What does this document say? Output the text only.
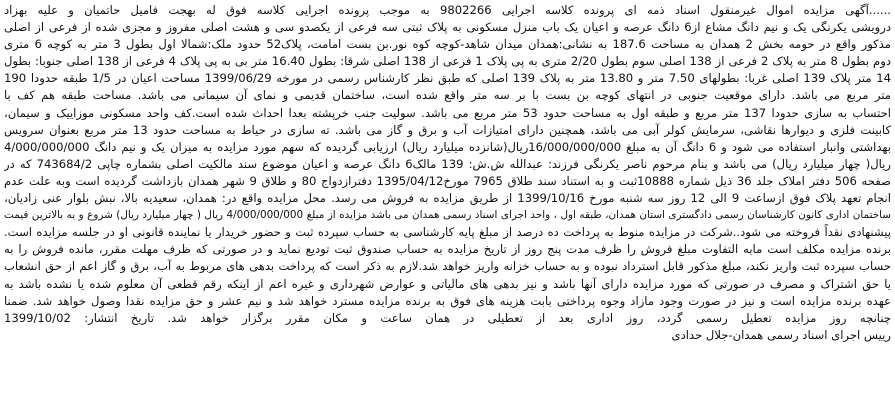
......آگهی مزایده اموال غیرمنقول اسناد ذمه ای پرونده کلاسه اجرایی 9802266 به موجب پرونده اجرایی کلاسه فوق له بهجت فامیل حاتمیان و علیه بهزاد
درویشی یکرنگی یک و نیم دانگ مشاع از6 دانگ عرصه و اعیان یک باب منزل مسکونی به پلاک ثبتی سه فرعی از یکصدو سی و هشت اصلی مفروز و مجزی شده از فرعی از اصلی
مذکور واقع در حومه بخش 2 همدان به مساحت 187.6 به نشانی:همدان میدان شاهد-کوچه کوه نور.بن بست امامت، پلاک52 حدود ملک:شمالا اول بطول 3 متر به کوچه 6 متری
دوم بطول 8 متر به پلاک 2 فرعی از 138 اصلی سوم بطول 2/20 متری به پی پلاک 1 فرعی از 138 اصلی شرقا: بطول 16.40 متر بی به پی پلاک 4 فرعی از 138 اصلی جنوبا: بطول
14 متر پلاک 139 اصلی غربا: بطولهای 7.50 متر و 13.80 متر به پلاک 139 اصلی که طبق نظر کارشناس رسمی در مورخه 1399/06/29 مساحت اعیان در 1/5 طبقه حدودا 190
متر مربع می باشد. دارای موقعیت جنوبی در انتهای کوچه بن بست با بر سه متر واقع شده است، ساختمان قدیمی و نمای آن سیمانی می باشد. مساحت طبقه هم کف با
احتساب به سازی حدودا 137 متر مربع و طبقه اول به مساحت حدود 53 متر مربع می باشد. سولیت جنب خرپشته بعدا احداث شده است.کف واحد مسکونی موزاییک و سیمان،
کابینت فلزی و دیوارها نقاشی، سرمایش کولر آبی می باشد، همچنین دارای امتیازات آب و برق و گاز می باشد. ته سازی در حیاط به مساحت حدود 13 متر مربع بعنوان سرویس
بهداشتی وانبار استفاده می شود و 6 دانگ آن به مبلغ 16/000/000/000ریال(شانزده میلیارد ریال) ارزیابی گردیده که سهم مورد مزایده به میزان یک و نیم دانگ 4/000/000/000
ریال( چهار میلیارد ریال) می باشد و بنام مرحوم ناصر یکرنگی فرزند: عبدالله ش.ش: 139 مالک6 دانگ عرصه و اعیان موضوع سند مالکیت اصلی بشماره چاپی 743684/2 که در
صفحه 506 دفتر املاک جلد 36 ذیل شماره 10888ثبت و به استناد سند طلاق 7965 مورخ1395/04/12 دفترازدواج 80 و طلاق 9 شهر همدان بازداشت گردیده است وبه علت عدم
انجام تعهد پلاک فوق ازساعت 9 الی 12 روز سه شنبه مورخ 1399/10/16 از طریق مزایده به فروش می رسد. محل مزایده واقع در: همدان، سعیدیه بالا، نبش بلوار عنی زادیان،
ساختمان اداری کانون کارشناسان رسمی دادگستری استان همدان، طبقه اول ، واحد اجرای اسناد رسمی همدان می باشد مزایده از مبلغ 4/000/000/000 ریال ( چهار میلیارد ریال) شروع و به بالاترین قیمت
پیشنهادی نقداً فروخته می شود..شرکت در مزایده منوط به پرداخت ده درصد از مبلغ پایه کارشناسی به حساب سپرده ثبت و حضور خریدار یا نماینده قانونی او در جلسه مزایده است.
برنده مزایده مکلف است مابه التفاوت مبلغ فروش را ظرف مدت پنج روز از تاریخ مزایده به حساب صندوق ثبت تودیع نماید و در صورتی که ظرف مهلت مقرر، مانده فروش را به
حساب سپرده ثبت واریز نکند، مبلغ مذکور قابل استرداد نبوده و به حساب خزانه واریز خواهد شد.لازم به ذکر است که پرداخت بدهی های مربوط به آب، برق و گاز اعم از حق انشعاب
یا حق اشتراک و مصرف در صورتی که مورد مزایده دارای آنها باشد و نیز بدهی های مالیاتی و عوارض شهرداری و غیره اعم از اینکه رقم قطعی آن معلوم شده یا نشده باشد به
عهده برنده مزایده است و نیز در صورت وجود مازاد وجوه پرداختی بابت هزینه های فوق به برنده مزایده مسترد خواهد شد و نیم عشر و حق مزایده نقدا وصول خواهد شد. ضمنا
چنانچه روز مزایده تعطیل رسمی گردد، روز اداری بعد از تعطیلی در همان ساعت و مکان مقرر برگزار خواهد شد. تاریخ انتشار: 1399/10/02
رییس اجرای اسناد رسمی همدان-جلال حدادی
